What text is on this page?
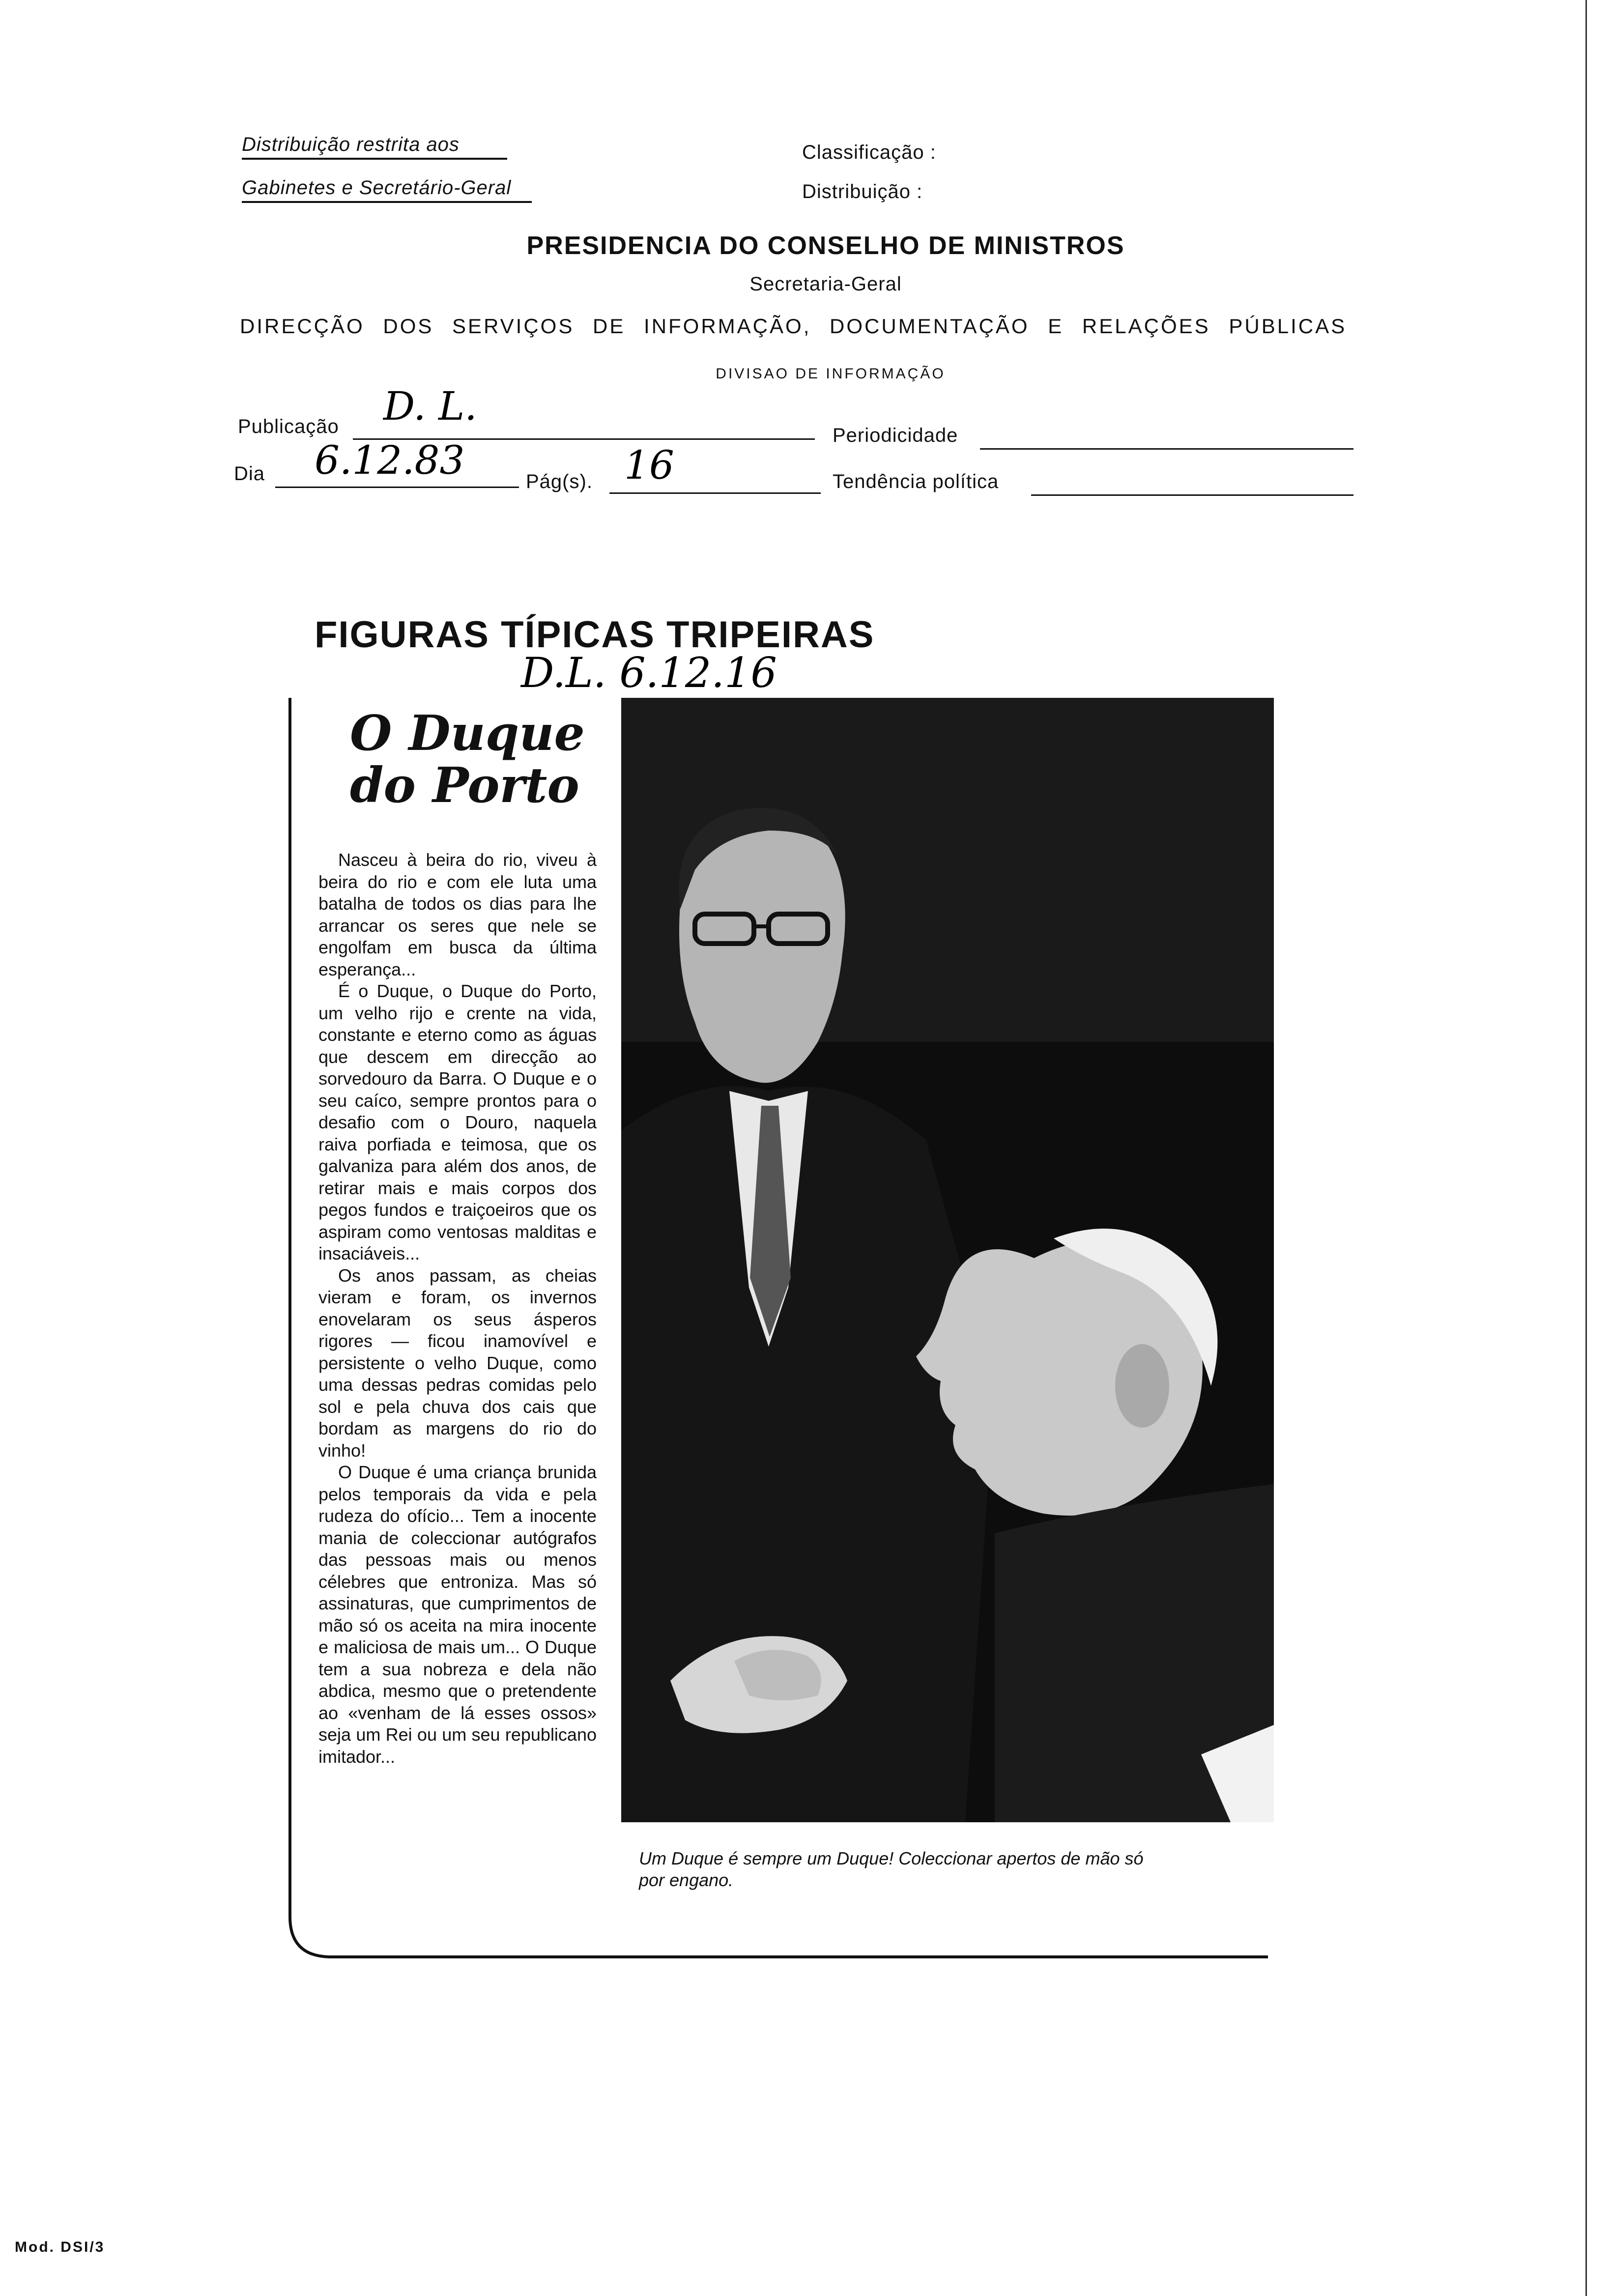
Distribuição restrita aos
Gabinetes e Secretário-Geral
Classificação :
Distribuição :
PRESIDENCIA DO CONSELHO DE MINISTROS
Secretaria-Geral
DIRECÇÃO DOS SERVIÇOS DE INFORMAÇÃO, DOCUMENTAÇÃO E RELAÇÕES PÚBLICAS
DIVISAO DE INFORMAÇÃO
Publicação D. L.
Periodicidade
Dia 6.12.83	Pág(s). 16	Tendência política
FIGURAS TÍPICAS TRIPEIRAS
D.L. 6.12.16
O Duque
do Porto

Nasceu à beira do rio, viveu à beira do rio e com ele luta uma batalha de todos os dias para lhe arrancar os seres que nele se engolfam em busca da última esperança...

É o Duque, o Duque do Porto, um velho rijo e crente na vida, constante e eterno como as águas que descem em direcção ao sorvedouro da Barra. O Duque e o seu caíco, sempre prontos para o desafio com o Douro, naquela raiva porfiada e teimosa, que os galvaniza para além dos anos, de retirar mais e mais corpos dos pegos fundos e traiçoeiros que os aspiram como ventosas malditas e insaciáveis...

Os anos passam, as cheias vieram e foram, os invernos enovelaram os seus ásperos rigores — ficou inamovível e persistente o velho Duque, como uma dessas pedras comidas pelo sol e pela chuva dos cais que bordam as margens do rio do vinho!

O Duque é uma criança brunida pelos temporais da vida e pela rudeza do ofício... Tem a inocente mania de coleccionar autógrafos das pessoas mais ou menos célebres que entroniza. Mas só assinaturas, que cumprimentos de mão só os aceita na mira inocente e maliciosa de mais um... O Duque tem a sua nobreza e dela não abdica, mesmo que o pretendente ao «venham de lá esses ossos» seja um Rei ou um seu republicano imitador...

Um Duque é sempre um Duque! Coleccionar apertos de mão só
por engano.
Mod. DSI/3
